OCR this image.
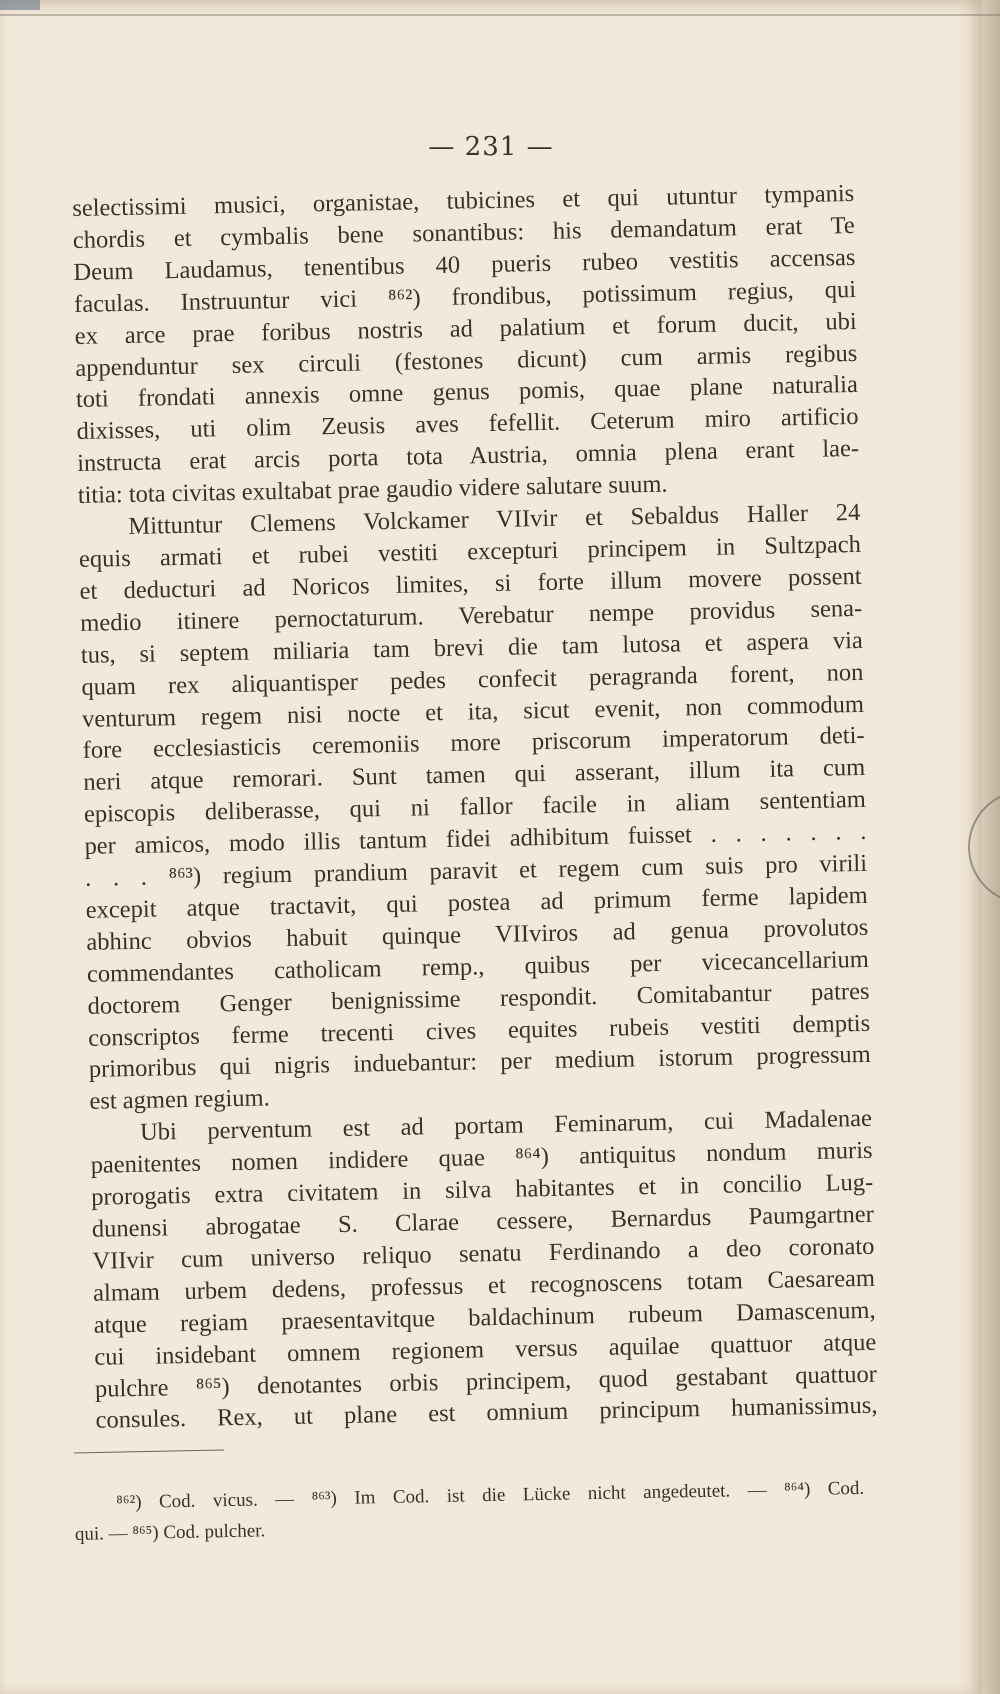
— 231 —
selectissimi musici, organistae, tubicines et qui utuntur tympanis
chordis et cymbalis bene sonantibus: his demandatum erat Te
Deum Laudamus, tenentibus 40 pueris rubeo vestitis accensas
faculas. Instruuntur vici ⁸⁶²) frondibus, potissimum regius, qui
ex arce prae foribus nostris ad palatium et forum ducit, ubi
appenduntur sex circuli (festones dicunt) cum armis regibus
toti frondati annexis omne genus pomis, quae plane naturalia
dixisses, uti olim Zeusis aves fefellit. Ceterum miro artificio
instructa erat arcis porta tota Austria, omnia plena erant lae-
titia: tota civitas exultabat prae gaudio videre salutare suum.
Mittuntur Clemens Volckamer VIIvir et Sebaldus Haller 24
equis armati et rubei vestiti excepturi principem in Sultzpach
et deducturi ad Noricos limites, si forte illum movere possent
medio itinere pernoctaturum. Verebatur nempe providus sena-
tus, si septem miliaria tam brevi die tam lutosa et aspera via
quam rex aliquantisper pedes confecit peragranda forent, non
venturum regem nisi nocte et ita, sicut evenit, non commodum
fore ecclesiasticis ceremoniis more priscorum imperatorum deti-
neri atque remorari. Sunt tamen qui asserant, illum ita cum
episcopis deliberasse, qui ni fallor facile in aliam sententiam
per amicos, modo illis tantum fidei adhibitum fuisset . . . . . . .
. . . ⁸⁶³) regium prandium paravit et regem cum suis pro virili
excepit atque tractavit, qui postea ad primum ferme lapidem
abhinc obvios habuit quinque VIIviros ad genua provolutos
commendantes catholicam remp., quibus per vicecancellarium
doctorem Genger benignissime respondit. Comitabantur patres
conscriptos ferme trecenti cives equites rubeis vestiti demptis
primoribus qui nigris induebantur: per medium istorum progressum
est agmen regium.
Ubi perventum est ad portam Feminarum, cui Madalenae
paenitentes nomen indidere quae ⁸⁶⁴) antiquitus nondum muris
prorogatis extra civitatem in silva habitantes et in concilio Lug-
dunensi abrogatae S. Clarae cessere, Bernardus Paumgartner
VIIvir cum universo reliquo senatu Ferdinando a deo coronato
almam urbem dedens, professus et recognoscens totam Caesaream
atque regiam praesentavitque baldachinum rubeum Damascenum,
cui insidebant omnem regionem versus aquilae quattuor atque
pulchre ⁸⁶⁵) denotantes orbis principem, quod gestabant quattuor
consules. Rex, ut plane est omnium principum humanissimus,
⁸⁶²) Cod. vicus. — ⁸⁶³) Im Cod. ist die Lücke nicht angedeutet. — ⁸⁶⁴) Cod.
qui. — ⁸⁶⁵) Cod. pulcher.
